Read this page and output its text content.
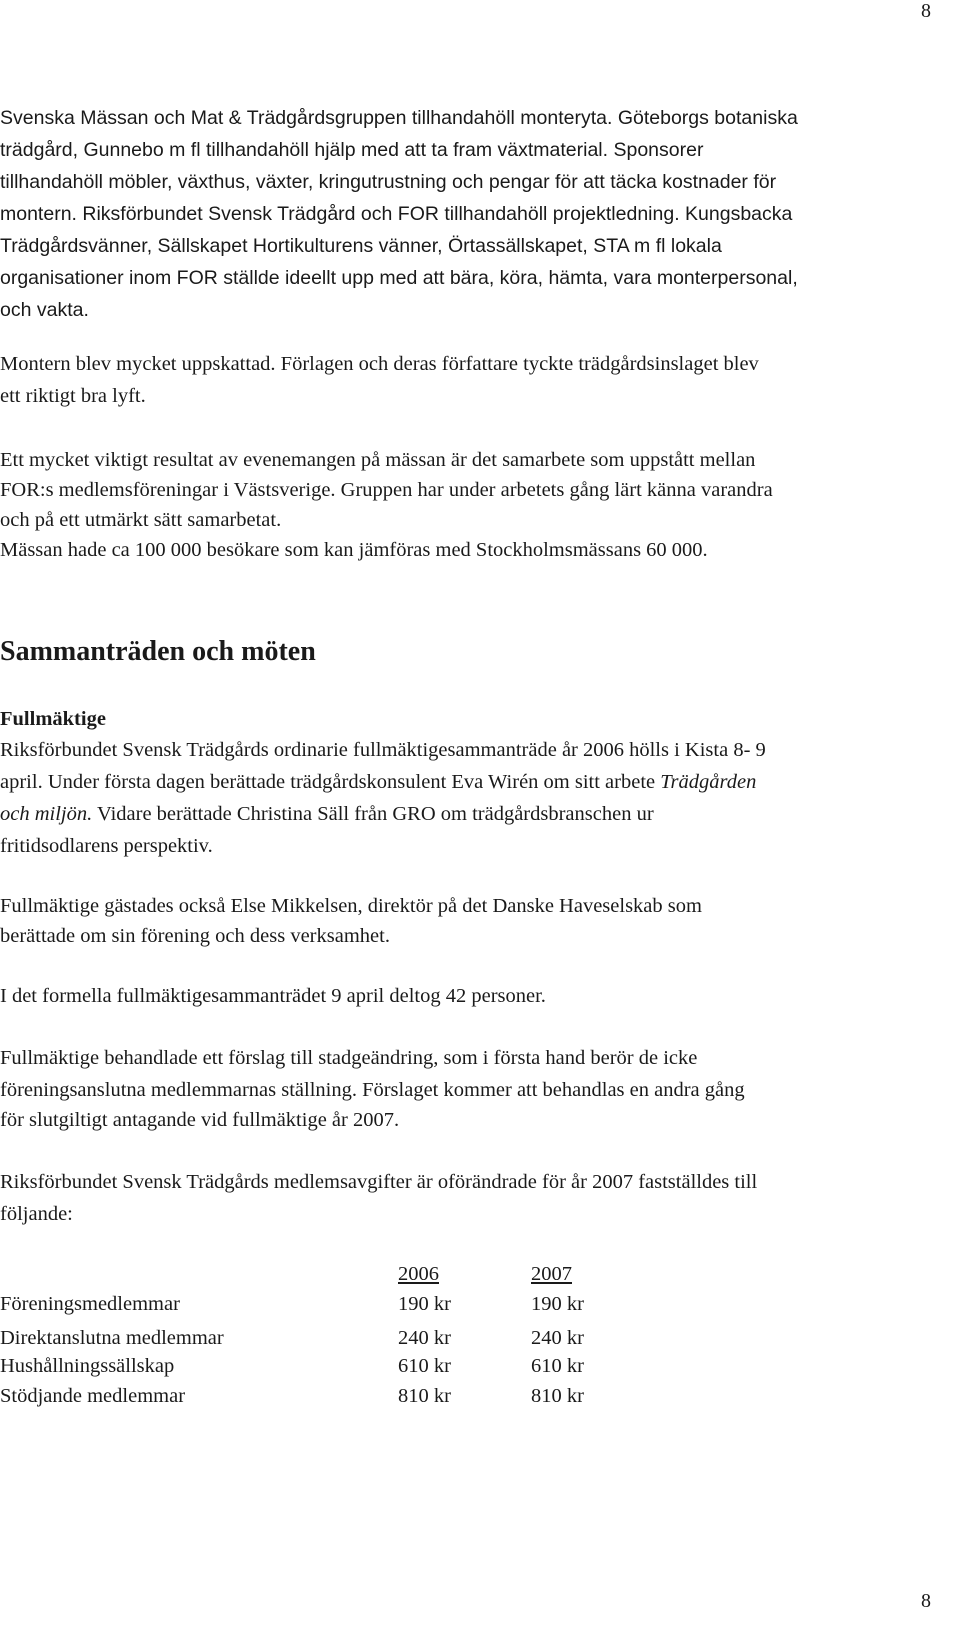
8
Svenska Mässan och Mat & Trädgårdsgruppen tillhandahöll monteryta. Göteborgs botaniska
trädgård, Gunnebo m fl tillhandahöll hjälp med att ta fram växtmaterial. Sponsorer
tillhandahöll möbler, växthus, växter, kringutrustning och pengar för att täcka kostnader för
montern. Riksförbundet Svensk Trädgård och FOR tillhandahöll projektledning. Kungsbacka
Trädgårdsvänner, Sällskapet Hortikulturens vänner, Örtassällskapet, STA m fl lokala
organisationer inom FOR ställde ideellt upp med att bära, köra, hämta, vara monterpersonal,
och vakta.
Montern blev mycket uppskattad. Förlagen och deras författare tyckte trädgårdsinslaget blev
ett riktigt bra lyft.
Ett mycket viktigt resultat av evenemangen på mässan är det samarbete som uppstått mellan
FOR:s medlemsföreningar i Västsverige. Gruppen har under arbetets gång lärt känna varandra
och på ett utmärkt sätt samarbetat.
Mässan hade ca 100 000 besökare som kan jämföras med Stockholmsmässans 60 000.
Sammanträden och möten
Fullmäktige
Riksförbundet Svensk Trädgårds ordinarie fullmäktigesammanträde år 2006 hölls i Kista 8- 9
april. Under första dagen berättade trädgårdskonsulent Eva Wirén om sitt arbete Trädgården
och miljön. Vidare berättade Christina Säll från GRO om trädgårdsbranschen ur
fritidsodlarens perspektiv.
Fullmäktige gästades också Else Mikkelsen, direktör på det Danske Haveselskab som
berättade om sin förening och dess verksamhet.
I det formella fullmäktigesammanträdet 9 april deltog 42 personer.
Fullmäktige behandlade ett förslag till stadgeändring, som i första hand berör de icke
föreningsanslutna medlemmarnas ställning. Förslaget kommer att behandlas en andra gång
för slutgiltigt antagande vid fullmäktige år 2007.
Riksförbundet Svensk Trädgårds medlemsavgifter är oförändrade för år 2007 fastställdes till
följande:
2006	2007
Föreningsmedlemmar	190 kr	190 kr
Direktanslutna medlemmar	240 kr	240 kr
Hushållningssällskap	610 kr	610 kr
Stödjande medlemmar	810 kr	810 kr
8
